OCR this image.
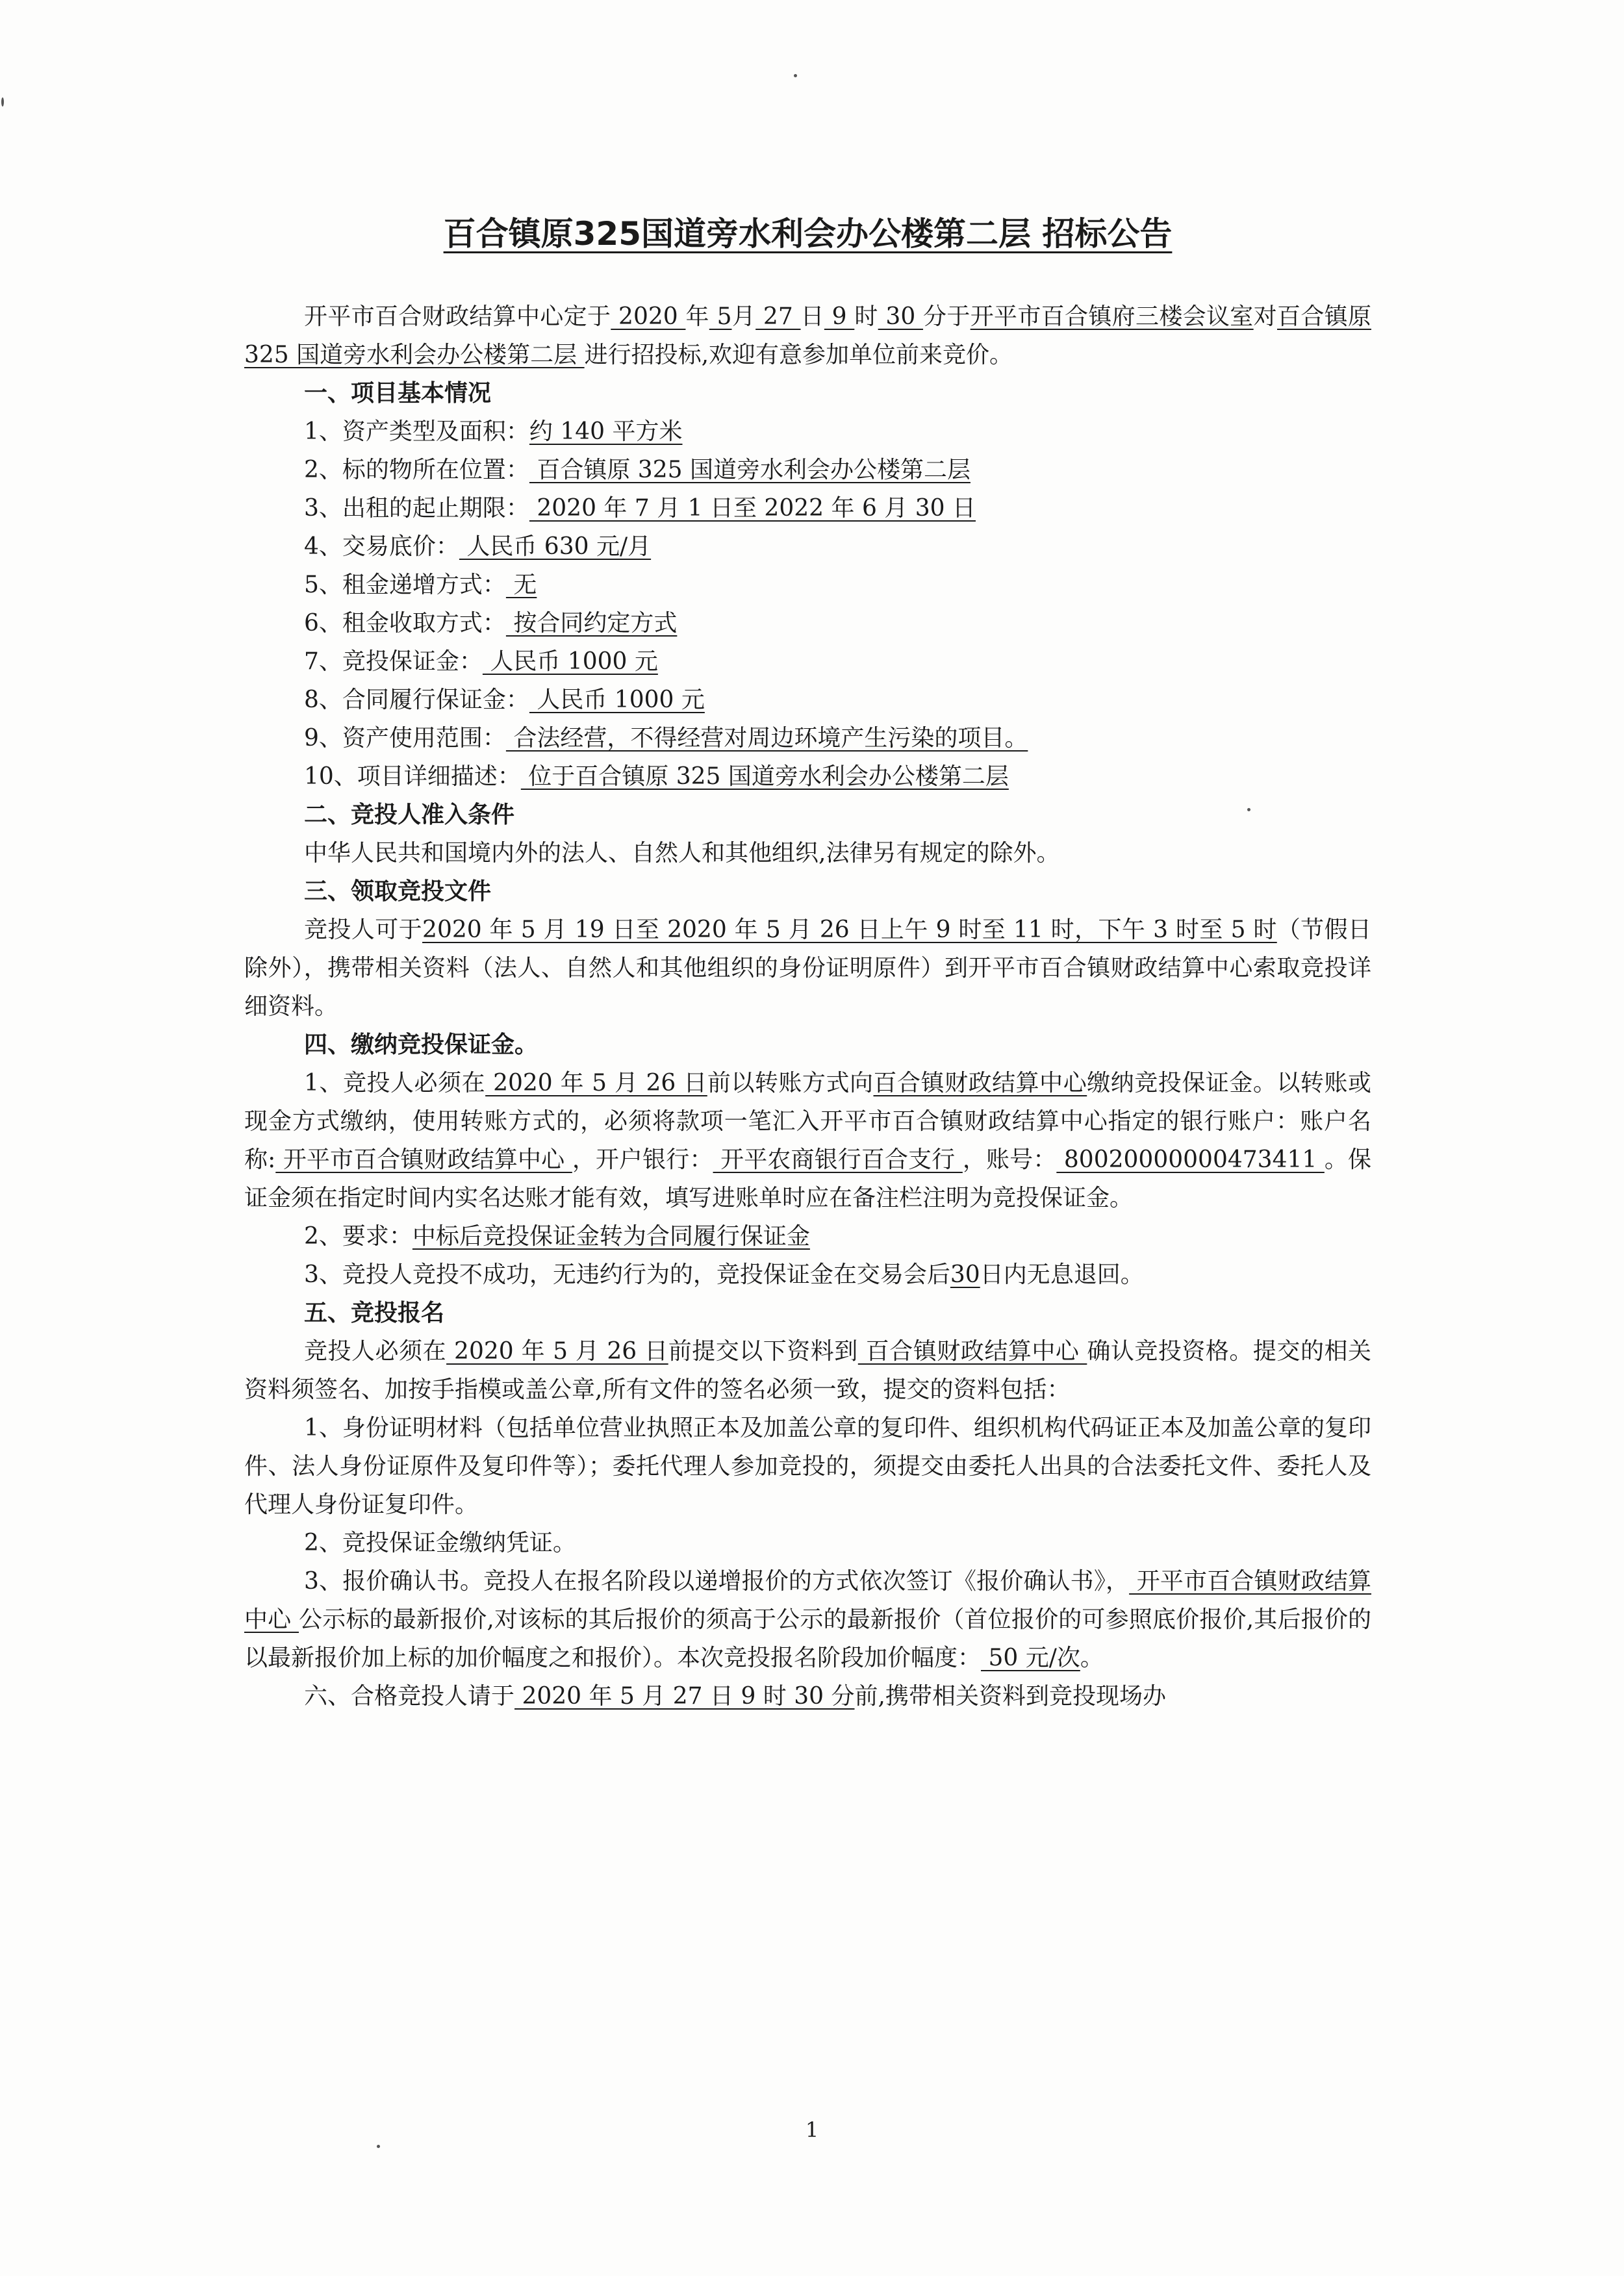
百合镇原325国道旁水利会办公楼第二层 招标公告

开平市百合财政结算中心定于 2020 年 5月 27 日 9 时 30 分于开平市百合镇府三楼会议室对百合镇原 325 国道旁水利会办公楼第二层 进行招投标,欢迎有意参加单位前来竞价。

一、项目基本情况
1、资产类型及面积：约 140 平方米
2、标的物所在位置： 百合镇原 325 国道旁水利会办公楼第二层
3、出租的起止期限： 2020 年 7 月 1 日至 2022 年 6 月 30 日
4、交易底价： 人民币 630 元/月
5、租金递增方式： 无
6、租金收取方式： 按合同约定方式
7、竞投保证金： 人民币 1000 元
8、合同履行保证金： 人民币 1000 元
9、资产使用范围： 合法经营，不得经营对周边环境产生污染的项目。
10、项目详细描述： 位于百合镇原 325 国道旁水利会办公楼第二层
二、竞投人准入条件

中华人民共和国境内外的法人、自然人和其他组织,法律另有规定的除外。

三、领取竞投文件

竞投人可于2020 年 5 月 19 日至 2020 年 5 月 26 日上午 9 时至 11 时，下午 3 时至 5 时（节假日除外），携带相关资料（法人、自然人和其他组织的身份证明原件）到开平市百合镇财政结算中心索取竞投详细资料。

四、缴纳竞投保证金。

1、竞投人必须在 2020 年 5 月 26 日前以转账方式向百合镇财政结算中心缴纳竞投保证金。以转账或现金方式缴纳，使用转账方式的，必须将款项一笔汇入开平市百合镇财政结算中心指定的银行账户：账户名称: 开平市百合镇财政结算中心 ，开户银行： 开平农商银行百合支行 ，账号： 80020000000473411 。保证金须在指定时间内实名达账才能有效，填写进账单时应在备注栏注明为竞投保证金。

2、要求：中标后竞投保证金转为合同履行保证金

3、竞投人竞投不成功，无违约行为的，竞投保证金在交易会后30日内无息退回。

五、竞投报名

竞投人必须在 2020 年 5 月 26 日前提交以下资料到 百合镇财政结算中心 确认竞投资格。提交的相关资料须签名、加按手指模或盖公章,所有文件的签名必须一致，提交的资料包括：

1、身份证明材料（包括单位营业执照正本及加盖公章的复印件、组织机构代码证正本及加盖公章的复印件、法人身份证原件及复印件等）；委托代理人参加竞投的，须提交由委托人出具的合法委托文件、委托人及代理人身份证复印件。

2、竞投保证金缴纳凭证。

3、报价确认书。竞投人在报名阶段以递增报价的方式依次签订《报价确认书》， 开平市百合镇财政结算中心 公示标的最新报价,对该标的其后报价的须高于公示的最新报价（首位报价的可参照底价报价,其后报价的以最新报价加上标的加价幅度之和报价）。本次竞投报名阶段加价幅度： 50 元/次。

六、合格竞投人请于 2020 年 5 月 27 日 9 时 30 分前,携带相关资料到竞投现场办

1
